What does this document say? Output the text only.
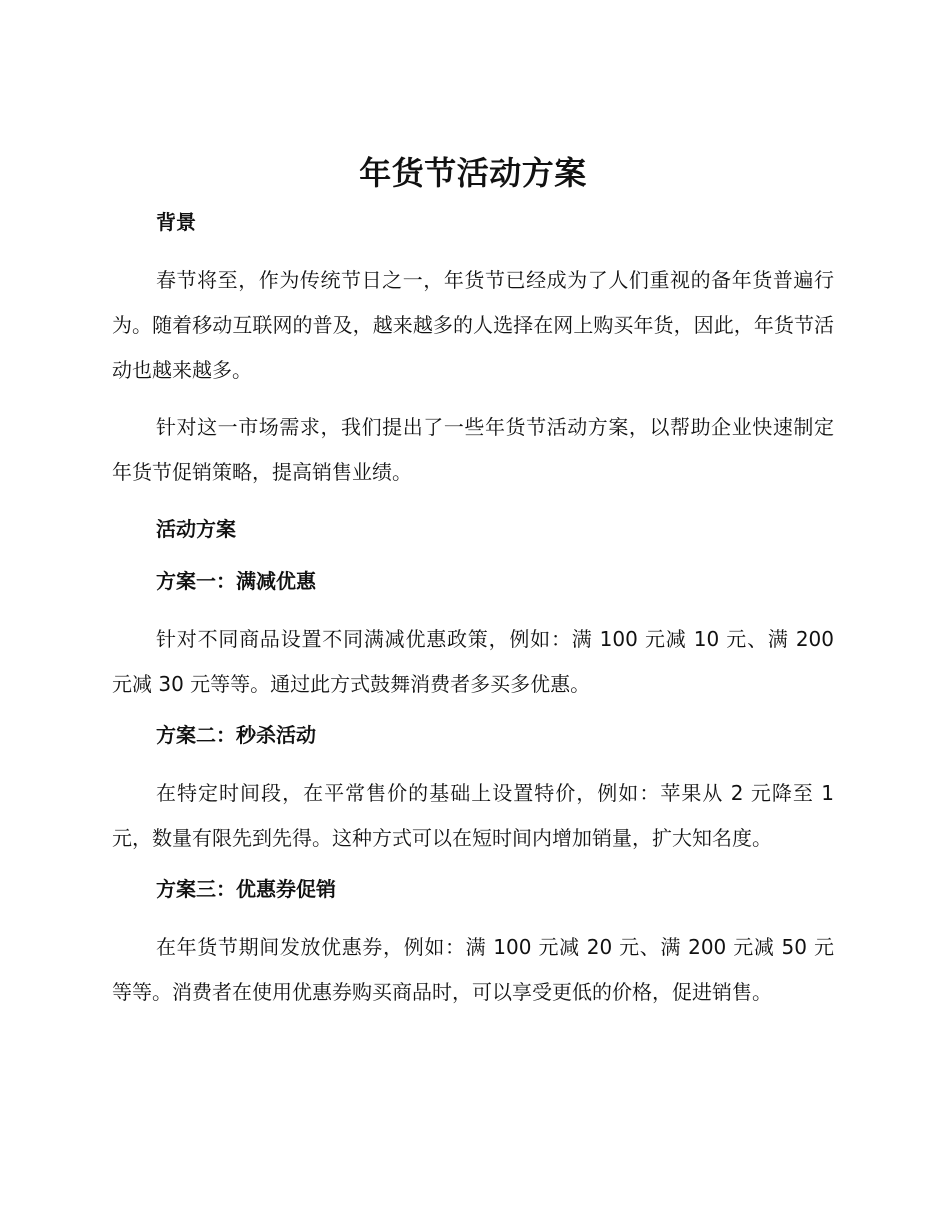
年货节活动方案
背景

春节将至，作为传统节日之一，年货节已经成为了人们重视的备年货普遍行为。随着移动互联网的普及，越来越多的人选择在网上购买年货，因此，年货节活动也越来越多。

针对这一市场需求，我们提出了一些年货节活动方案，以帮助企业快速制定年货节促销策略，提高销售业绩。

活动方案
方案一：满减优惠

针对不同商品设置不同满减优惠政策，例如：满 100 元减 10 元、满 200 元减 30 元等等。通过此方式鼓舞消费者多买多优惠。

方案二：秒杀活动

在特定时间段，在平常售价的基础上设置特价，例如：苹果从 2 元降至 1 元，数量有限先到先得。这种方式可以在短时间内增加销量，扩大知名度。

方案三：优惠券促销

在年货节期间发放优惠券，例如：满 100 元减 20 元、满 200 元减 50 元等等。消费者在使用优惠券购买商品时，可以享受更低的价格，促进销售。
